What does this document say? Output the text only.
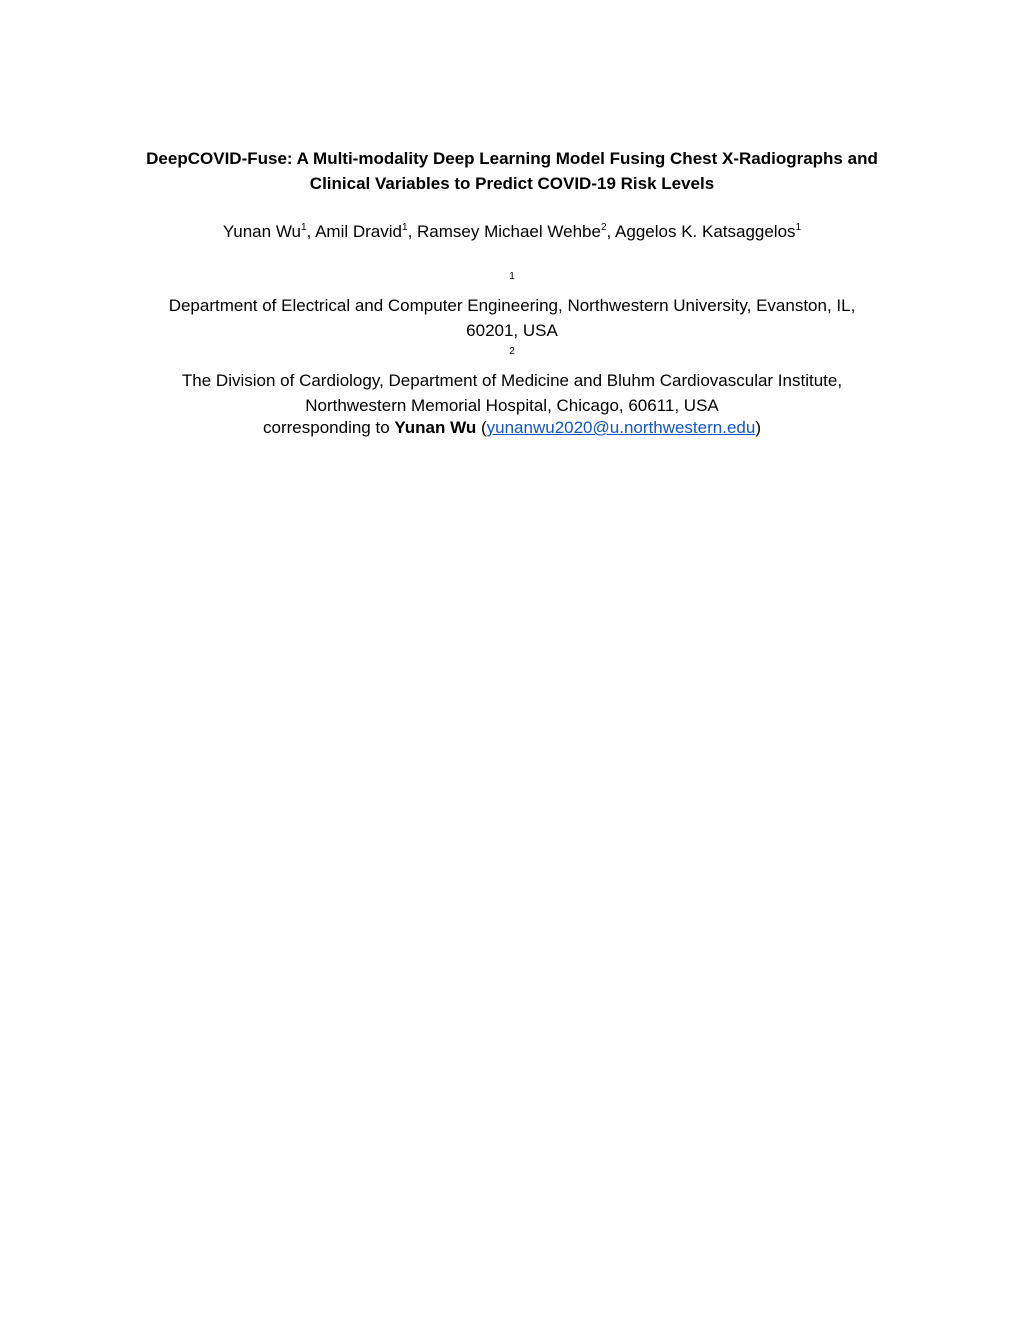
DeepCOVID-Fuse: A Multi-modality Deep Learning Model Fusing Chest X-Radiographs and
Clinical Variables to Predict COVID-19 Risk Levels
Yunan Wu$^1$, Amil Dravid$^1$, Ramsey Michael Wehbe$^2$, Aggelos K. Katsaggelos$^1$
$^1$
Department of Electrical and Computer Engineering, Northwestern University, Evanston, IL,
60201, USA
$^2$
The Division of Cardiology, Department of Medicine and Bluhm Cardiovascular Institute,
Northwestern Memorial Hospital, Chicago, 60611, USA
corresponding to Yunan Wu (yunanwu2020@u.northwestern.edu)
